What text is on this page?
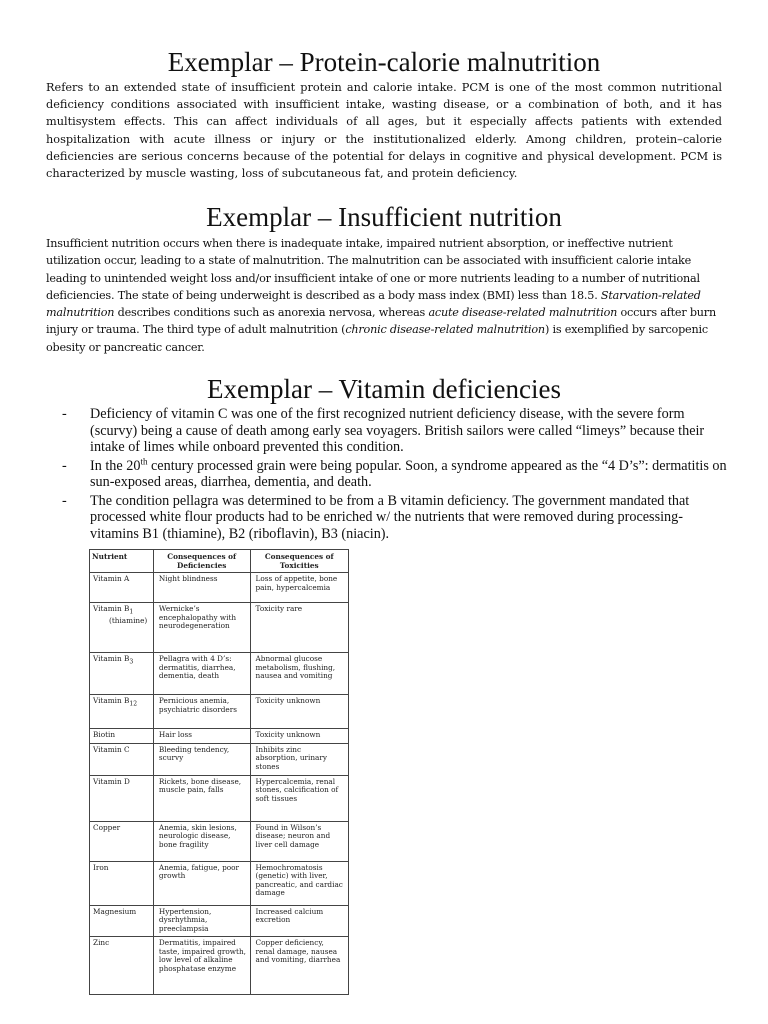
Exemplar – Protein-calorie malnutrition

Refers to an extended state of insufficient protein and calorie intake. PCM is one of the most common nutritional deficiency conditions associated with insufficient intake, wasting disease, or a combination of both, and it has multisystem effects. This can affect individuals of all ages, but it especially affects patients with extended hospitalization with acute illness or injury or the institutionalized elderly. Among children, protein–calorie deficiencies are serious concerns because of the potential for delays in cognitive and physical development. PCM is characterized by muscle wasting, loss of subcutaneous fat, and protein deficiency.

Exemplar – Insufficient nutrition

Insufficient nutrition occurs when there is inadequate intake, impaired nutrient absorption, or ineffective nutrient utilization occur, leading to a state of malnutrition. The malnutrition can be associated with insufficient calorie intake leading to unintended weight loss and/or insufficient intake of one or more nutrients leading to a number of nutritional deficiencies. The state of being underweight is described as a body mass index (BMI) less than 18.5. Starvation-related malnutrition describes conditions such as anorexia nervosa, whereas acute disease-related malnutrition occurs after burn injury or trauma. The third type of adult malnutrition (chronic disease-related malnutrition) is exemplified by sarcopenic obesity or pancreatic cancer.

Exemplar – Vitamin deficiencies
- Deficiency of vitamin C was one of the first recognized nutrient deficiency disease, with the severe form (scurvy) being a cause of death among early sea voyagers. British sailors were called “limeys” because their intake of limes while onboard prevented this condition.
- In the 20th century processed grain were being popular. Soon, a syndrome appeared as the “4 D’s”: dermatitis on sun-exposed areas, diarrhea, dementia, and death.
- The condition pellagra was determined to be from a B vitamin deficiency. The government mandated that processed white flour products had to be enriched w/ the nutrients that were removed during processing- vitamins B1 (thiamine), B2 (riboflavin), B3 (niacin).
Nutrient	Consequences of Deficiencies	Consequences of Toxicities
Vitamin A	Night blindness	Loss of appetite, bone pain, hypercalcemia
Vitamin $B_1$
(thiamine)	Wernicke’s encephalopathy with neurodegeneration	Toxicity rare
Vitamin $B_3$	Pellagra with 4 D’s: dermatitis, diarrhea, dementia, death	Abnormal glucose metabolism, flushing, nausea and vomiting
Vitamin $B_{12}$	Pernicious anemia, psychiatric disorders	Toxicity unknown
Biotin	Hair loss	Toxicity unknown
Vitamin C	Bleeding tendency, scurvy	Inhibits zinc absorption, urinary stones
Vitamin D	Rickets, bone disease, muscle pain, falls	Hypercalcemia, renal stones, calcification of soft tissues
Copper	Anemia, skin lesions, neurologic disease, bone fragility	Found in Wilson’s disease; neuron and liver cell damage
Iron	Anemia, fatigue, poor growth	Hemochromatosis (genetic) with liver, pancreatic, and cardiac damage
Magnesium	Hypertension, dysrhythmia, preeclampsia	Increased calcium excretion
Zinc	Dermatitis, impaired taste, impaired growth, low level of alkaline phosphatase enzyme	Copper deficiency, renal damage, nausea and vomiting, diarrhea
